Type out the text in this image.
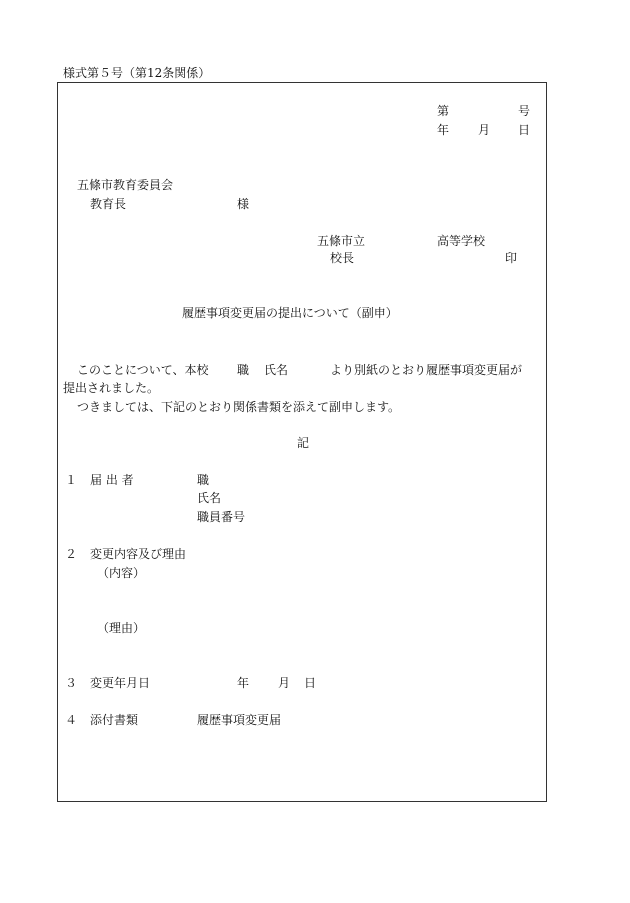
様式第５号（第12条関係）
第	号
年 月 日
五條市教育委員会
教育長	様
五條市立	高等学校
校長	印
履歴事項変更届の提出について（副申）
このことについて、本校 職 氏名	より別紙のとおり履歴事項変更届が
提出されました。
つきましては、下記のとおり関係書類を添えて副申します。
記
１ 届 出 者	職
氏名
職員番号
２ 変更内容及び理由
（内容）
（理由）
３ 変更年月日	年 月 日
４ 添付書類	履歴事項変更届
